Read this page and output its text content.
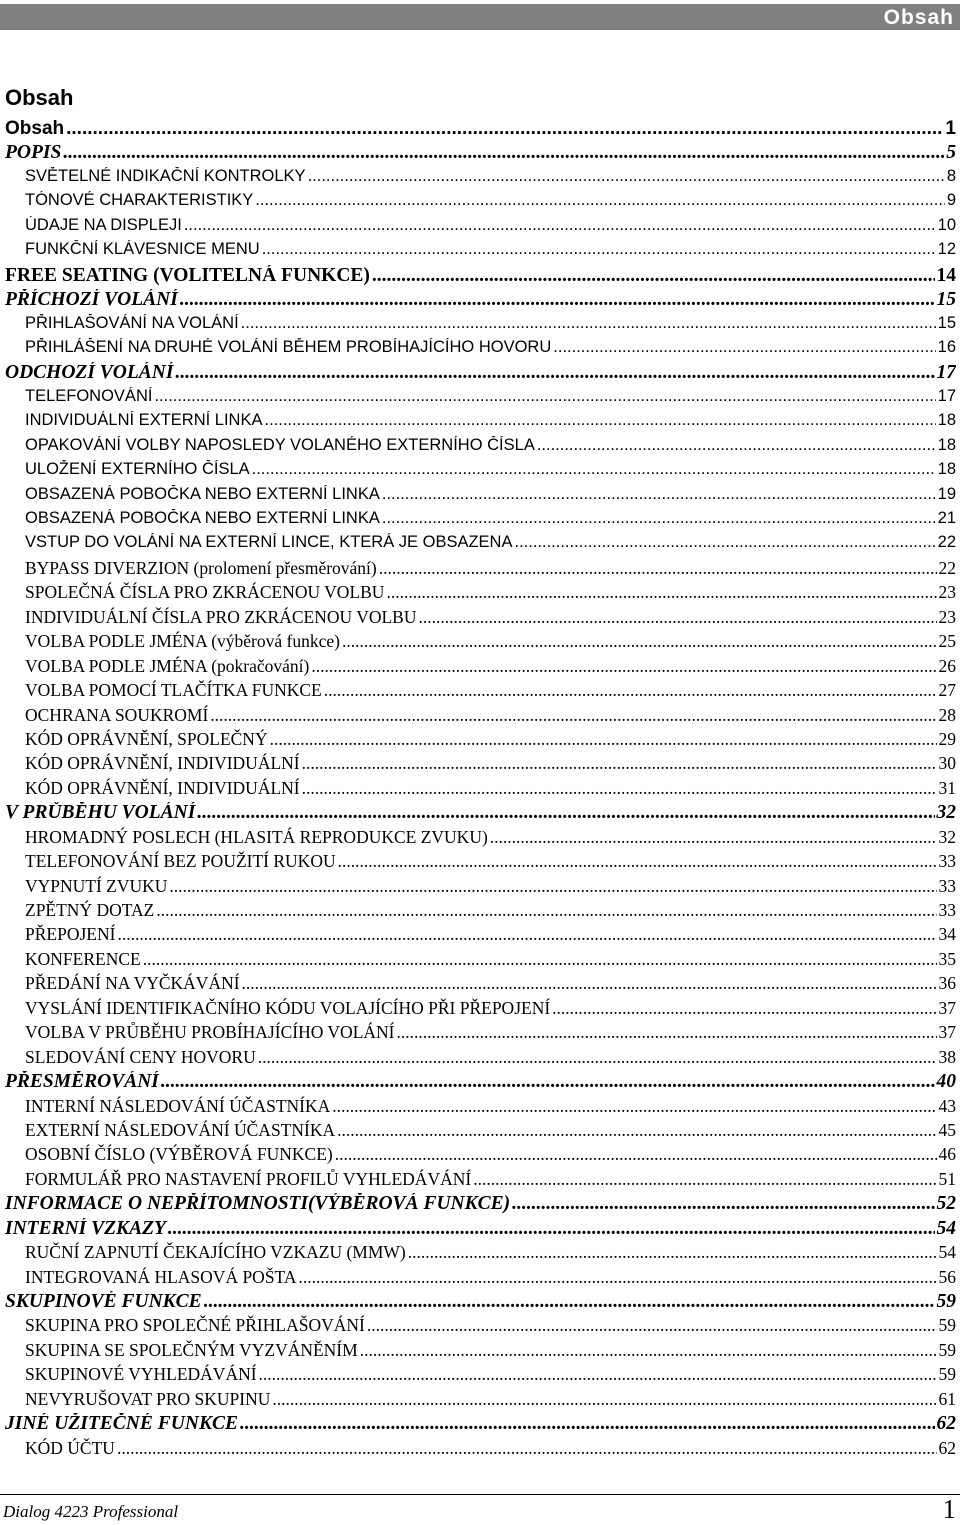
Obsah
Obsah
Obsah .....	1
POPIS .....	5
SVĚTELNÉ INDIKAČNÍ KONTROLKY .....	8
TÓNOVÉ CHARAKTERISTIKY .....	9
ÚDAJE NA DISPLEJI .....	10
FUNKČNÍ KLÁVESNICE MENU .....	12
FREE SEATING (VOLITELNÁ FUNKCE) .....	14
PŘÍCHOZÍ VOLÁNÍ .....	15
PŘIHLAŠOVÁNÍ NA VOLÁNÍ .....	15
PŘIHLÁŠENÍ NA DRUHÉ VOLÁNÍ BĚHEM PROBÍHAJÍCÍHO HOVORU .....	16
ODCHOZÍ VOLÁNÍ .....	17
TELEFONOVÁNÍ .....	17
INDIVIDUÁLNÍ EXTERNÍ LINKA .....	18
OPAKOVÁNÍ VOLBY NAPOSLEDY VOLANÉHO EXTERNÍHO ČÍSLA .....	18
ULOŽENÍ EXTERNÍHO ČÍSLA .....	18
OBSAZENÁ POBOČKA NEBO EXTERNÍ LINKA .....	19
OBSAZENÁ POBOČKA NEBO EXTERNÍ LINKA .....	21
VSTUP DO VOLÁNÍ NA EXTERNÍ LINCE, KTERÁ JE OBSAZENA .....	22
BYPASS DIVERZION (prolomení přesměrování) .....	22
SPOLEČNÁ ČÍSLA PRO ZKRÁCENOU VOLBU .....	23
INDIVIDUÁLNÍ ČÍSLA PRO ZKRÁCENOU VOLBU .....	23
VOLBA PODLE JMÉNA (výběrová funkce) .....	25
VOLBA PODLE JMÉNA (pokračování) .....	26
VOLBA POMOCÍ TLAČÍTKA FUNKCE .....	27
OCHRANA SOUKROMÍ .....	28
KÓD OPRÁVNĚNÍ, SPOLEČNÝ .....	29
KÓD OPRÁVNĚNÍ, INDIVIDUÁLNÍ .....	30
KÓD OPRÁVNĚNÍ, INDIVIDUÁLNÍ .....	31
V PRŮBĚHU VOLÁNÍ .....	32
HROMADNÝ POSLECH (HLASITÁ REPRODUKCE ZVUKU) .....	32
TELEFONOVÁNÍ BEZ POUŽITÍ RUKOU .....	33
VYPNUTÍ ZVUKU .....	33
ZPĚTNÝ DOTAZ .....	33
PŘEPOJENÍ .....	34
KONFERENCE .....	35
PŘEDÁNÍ NA VYČKÁVÁNÍ .....	36
VYSLÁNÍ IDENTIFIKAČNÍHO KÓDU VOLAJÍCÍHO PŘI PŘEPOJENÍ .....	37
VOLBA V PRŮBĚHU PROBÍHAJÍCÍHO VOLÁNÍ .....	37
SLEDOVÁNÍ CENY HOVORU .....	38
PŘESMĚROVÁNÍ .....	40
INTERNÍ NÁSLEDOVÁNÍ ÚČASTNÍKA .....	43
EXTERNÍ NÁSLEDOVÁNÍ ÚČASTNÍKA .....	45
OSOBNÍ ČÍSLO (VÝBĚROVÁ FUNKCE) .....	46
FORMULÁŘ PRO NASTAVENÍ PROFILŮ VYHLEDÁVÁNÍ .....	51
INFORMACE O NEPŘÍTOMNOSTI(VÝBĚROVÁ FUNKCE) .....	52
INTERNÍ VZKAZY .....	54
RUČNÍ ZAPNUTÍ ČEKAJÍCÍHO VZKAZU (MMW) .....	54
INTEGROVANÁ HLASOVÁ POŠTA .....	56
SKUPINOVÉ FUNKCE .....	59
SKUPINA PRO SPOLEČNÉ PŘIHLAŠOVÁNÍ .....	59
SKUPINA SE SPOLEČNÝM VYZVÁNĚNÍM .....	59
SKUPINOVÉ VYHLEDÁVÁNÍ .....	59
NEVYRUŠOVAT PRO SKUPINU .....	61
JINÉ UŽITEČNÉ FUNKCE .....	62
KÓD ÚČTU .....	62
Dialog 4223 Professional	1
